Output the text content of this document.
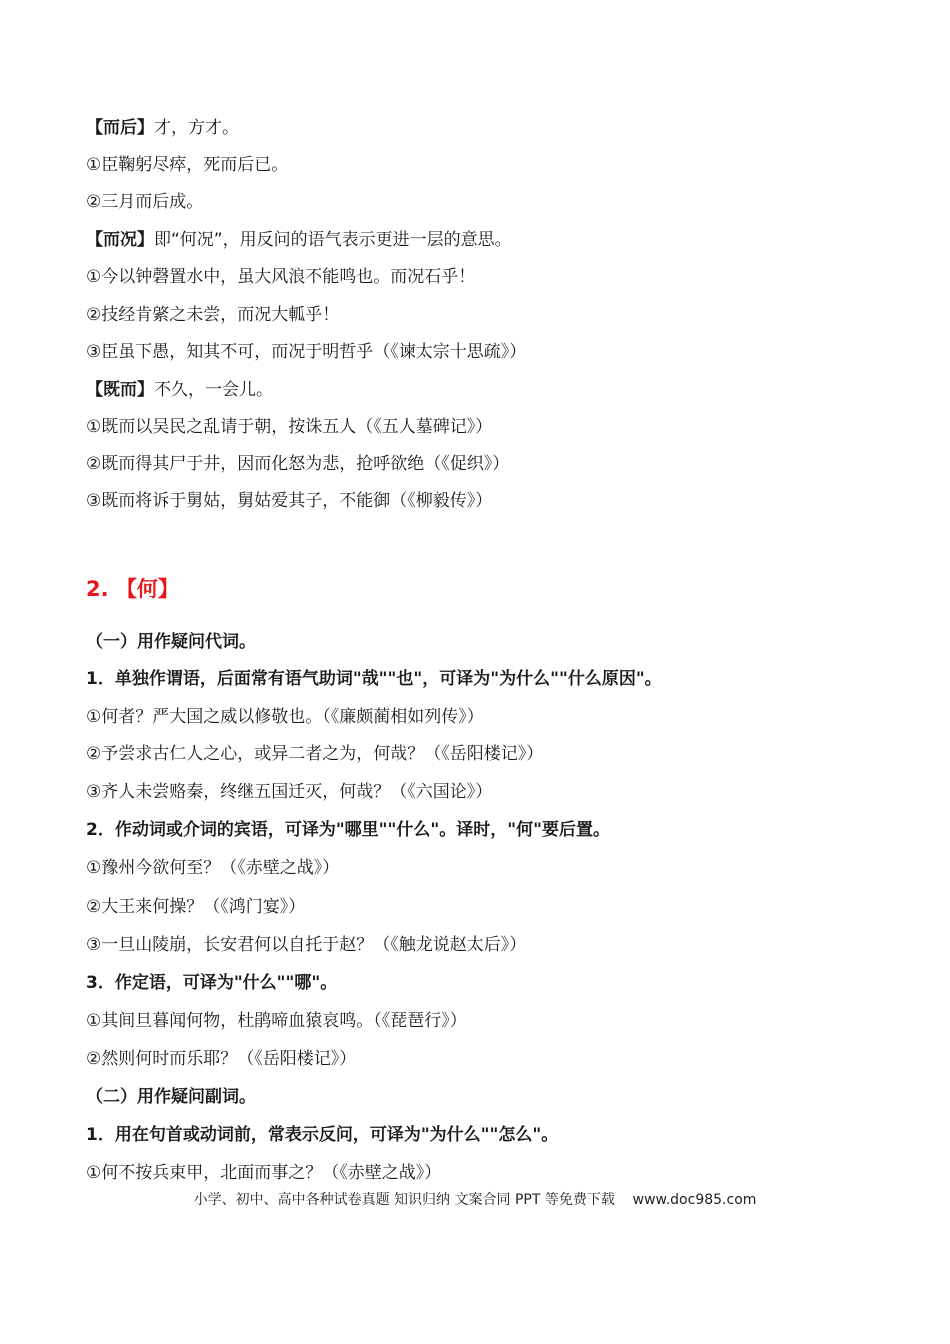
【而后】才，方才。
①臣鞠躬尽瘁，死而后已。
②三月而后成。
【而况】即“何况”，用反问的语气表示更进一层的意思。
①今以钟磬置水中，虽大风浪不能鸣也。而况石乎！
②技经肯綮之未尝，而况大軱乎！
③臣虽下愚，知其不可，而况于明哲乎（《谏太宗十思疏》）
【既而】不久，一会儿。
①既而以吴民之乱请于朝，按诛五人（《五人墓碑记》）
②既而得其尸于井，因而化怒为悲，抢呼欲绝（《促织》）
③既而将诉于舅姑，舅姑爱其子，不能御（《柳毅传》）
2. 【何】
（一）用作疑问代词。
1．单独作谓语，后面常有语气助词"哉""也"，可译为"为什么""什么原因"。
①何者？严大国之威以修敬也。（《廉颇蔺相如列传》）
②予尝求古仁人之心，或异二者之为，何哉？（《岳阳楼记》）
③齐人未尝赂秦，终继五国迁灭，何哉？（《六国论》）
2．作动词或介词的宾语，可译为"哪里""什么"。译时，"何"要后置。
①豫州今欲何至？（《赤壁之战》）
②大王来何操？（《鸿门宴》）
③一旦山陵崩，长安君何以自托于赵？（《触龙说赵太后》）
3．作定语，可译为"什么""哪"。
①其间旦暮闻何物，杜鹃啼血猿哀鸣。（《琵琶行》）
②然则何时而乐耶？（《岳阳楼记》）
（二）用作疑问副词。
1．用在句首或动词前，常表示反问，可译为"为什么""怎么"。
①何不按兵束甲，北面而事之？（《赤壁之战》）
小学、初中、高中各种试卷真题 知识归纳 文案合同 PPT 等免费下载 www.doc985.com
